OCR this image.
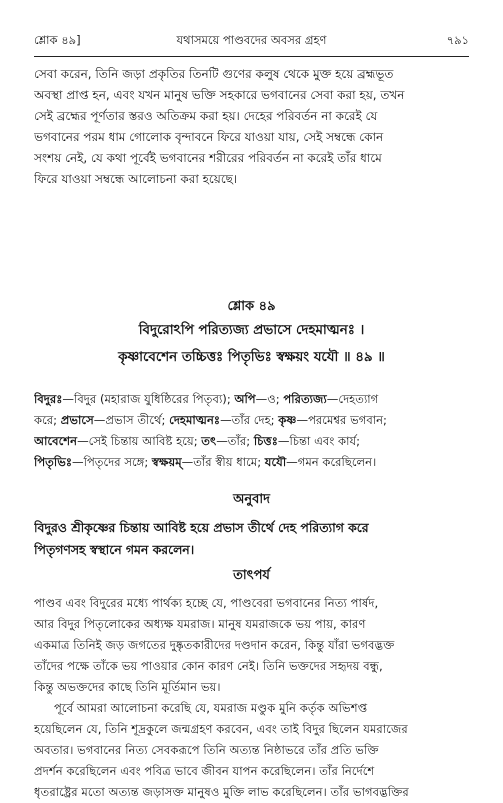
শ্লোক ৪৯]	যথাসময়ে পাণ্ডবদের অবসর গ্রহণ	৭৯১
সেবা করেন, তিনি জড়া প্রকৃতির তিনটি গুণের কলুষ থেকে মুক্ত হয়ে ব্রহ্মভূত
অবস্থা প্রাপ্ত হন, এবং যখন মানুষ ভক্তি সহকারে ভগবানের সেবা করা হয়, তখন
সেই ব্রহ্মের পূর্ণতার স্তরও অতিক্রম করা হয়। দেহের পরিবর্তন না করেই যে
ভগবানের পরম ধাম গোলোক বৃন্দাবনে ফিরে যাওয়া যায়, সেই সম্বন্ধে কোন
সংশয় নেই, যে কথা পূর্বেই ভগবানের শরীরের পরিবর্তন না করেই তাঁর ধামে
ফিরে যাওয়া সম্বন্ধে আলোচনা করা হয়েছে।
শ্লোক ৪৯
বিদুরোঽপি পরিত্যজ্য প্রভাসে দেহমাত্মনঃ ।
কৃষ্ণাবেশেন তচ্চিত্তঃ পিতৃভিঃ স্বক্ষয়ং যযৌ ॥ ৪৯ ॥
বিদুরঃ—বিদুর (মহারাজ যুধিষ্ঠিরের পিতৃব্য); অপি—ও; পরিত্যজ্য—দেহত্যাগ
করে; প্রভাসে—প্রভাস তীর্থে; দেহমাত্মনঃ—তাঁর দেহ; কৃষ্ণ—পরমেশ্বর ভগবান;
আবেশেন—সেই চিন্তায় আবিষ্ট হয়ে; তৎ—তাঁর; চিত্তঃ—চিন্তা এবং কার্য;
পিতৃভিঃ—পিতৃদের সঙ্গে; স্বক্ষয়ম্—তাঁর স্বীয় ধামে; যযৌ—গমন করেছিলেন।
অনুবাদ
বিদুরও শ্রীকৃষ্ণের চিন্তায় আবিষ্ট হয়ে প্রভাস তীর্থে দেহ পরিত্যাগ করে
পিতৃগণসহ স্বস্থানে গমন করলেন।
তাৎপর্য
পাণ্ডব এবং বিদুরের মধ্যে পার্থক্য হচ্ছে যে, পাণ্ডবেরা ভগবানের নিত্য পার্ষদ,
আর বিদুর পিতৃলোকের অধ্যক্ষ যমরাজ। মানুষ যমরাজকে ভয় পায়, কারণ
একমাত্র তিনিই জড় জগতের দুষ্কৃতকারীদের দণ্ডদান করেন, কিন্তু যাঁরা ভগবদ্ভক্ত
তাঁদের পক্ষে তাঁকে ভয় পাওয়ার কোন কারণ নেই। তিনি ভক্তদের সহৃদয় বন্ধু,
কিন্তু অভক্তদের কাছে তিনি মূর্তিমান ভয়।
পূর্বে আমরা আলোচনা করেছি যে, যমরাজ মণ্ডুক মুনি কর্তৃক অভিশপ্ত
হয়েছিলেন যে, তিনি শূদ্রকুলে জন্মগ্রহণ করবেন, এবং তাই বিদুর ছিলেন যমরাজের
অবতার। ভগবানের নিত্য সেবকরূপে তিনি অত্যন্ত নিষ্ঠাভরে তাঁর প্রতি ভক্তি
প্রদর্শন করেছিলেন এবং পবিত্র ভাবে জীবন যাপন করেছিলেন। তাঁর নির্দেশে
ধৃতরাষ্ট্রের মতো অত্যন্ত জড়াসক্ত মানুষও মুক্তি লাভ করেছিলেন। তাঁর ভাগবদ্ভক্তির
